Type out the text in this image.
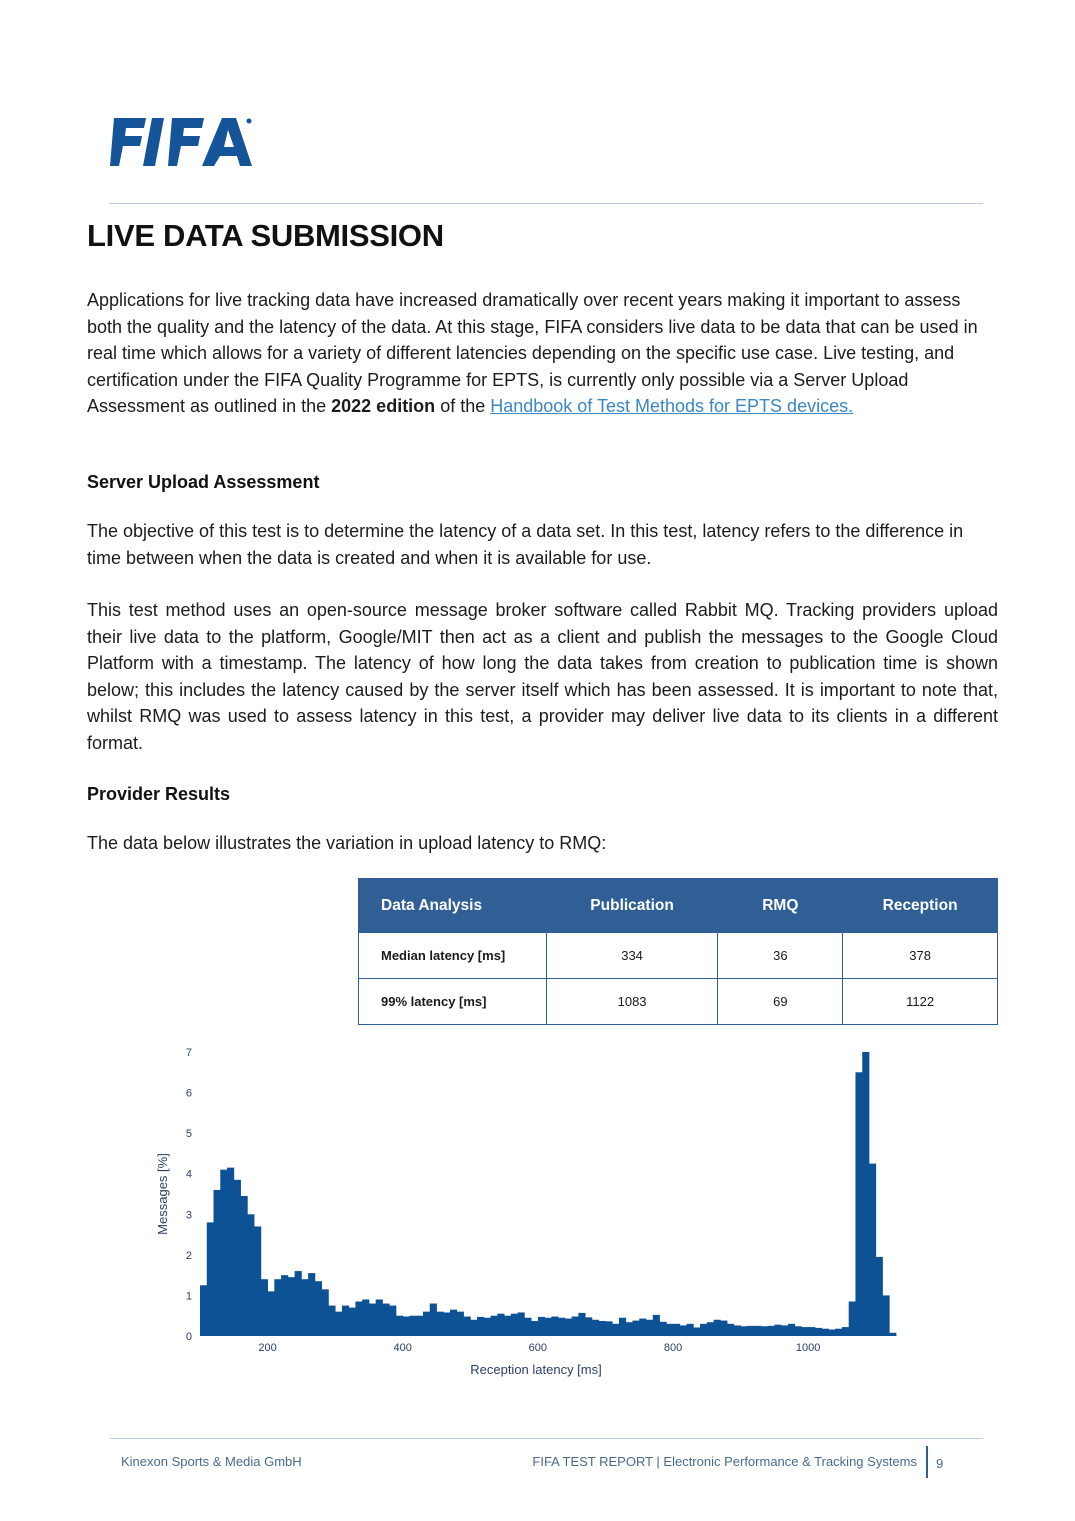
LIVE DATA SUBMISSION

Applications for live tracking data have increased dramatically over recent years making it important to assess both the quality and the latency of the data. At this stage, FIFA considers live data to be data that can be used in real time which allows for a variety of different latencies depending on the specific use case. Live testing, and certification under the FIFA Quality Programme for EPTS, is currently only possible via a Server Upload Assessment as outlined in the 2022 edition of the Handbook of Test Methods for EPTS devices.

Server Upload Assessment

The objective of this test is to determine the latency of a data set. In this test, latency refers to the difference in time between when the data is created and when it is available for use.

This test method uses an open-source message broker software called Rabbit MQ. Tracking providers upload their live data to the platform, Google/MIT then act as a client and publish the messages to the Google Cloud Platform with a timestamp. The latency of how long the data takes from creation to publication time is shown below; this includes the latency caused by the server itself which has been assessed. It is important to note that, whilst RMQ was used to assess latency in this test, a provider may deliver live data to its clients in a different format.

Provider Results

The data below illustrates the variation in upload latency to RMQ:

Data Analysis	Publication	RMQ	Reception
Median latency [ms]	334	36	378
99% latency [ms]	1083	69	1122
0
1
2
3
4
5
6
7
200	400	600	800	1000
Reception latency [ms]
Messages [%]
Kinexon Sports & Media GmbH	FIFA TEST REPORT | Electronic Performance & Tracking Systems 9
